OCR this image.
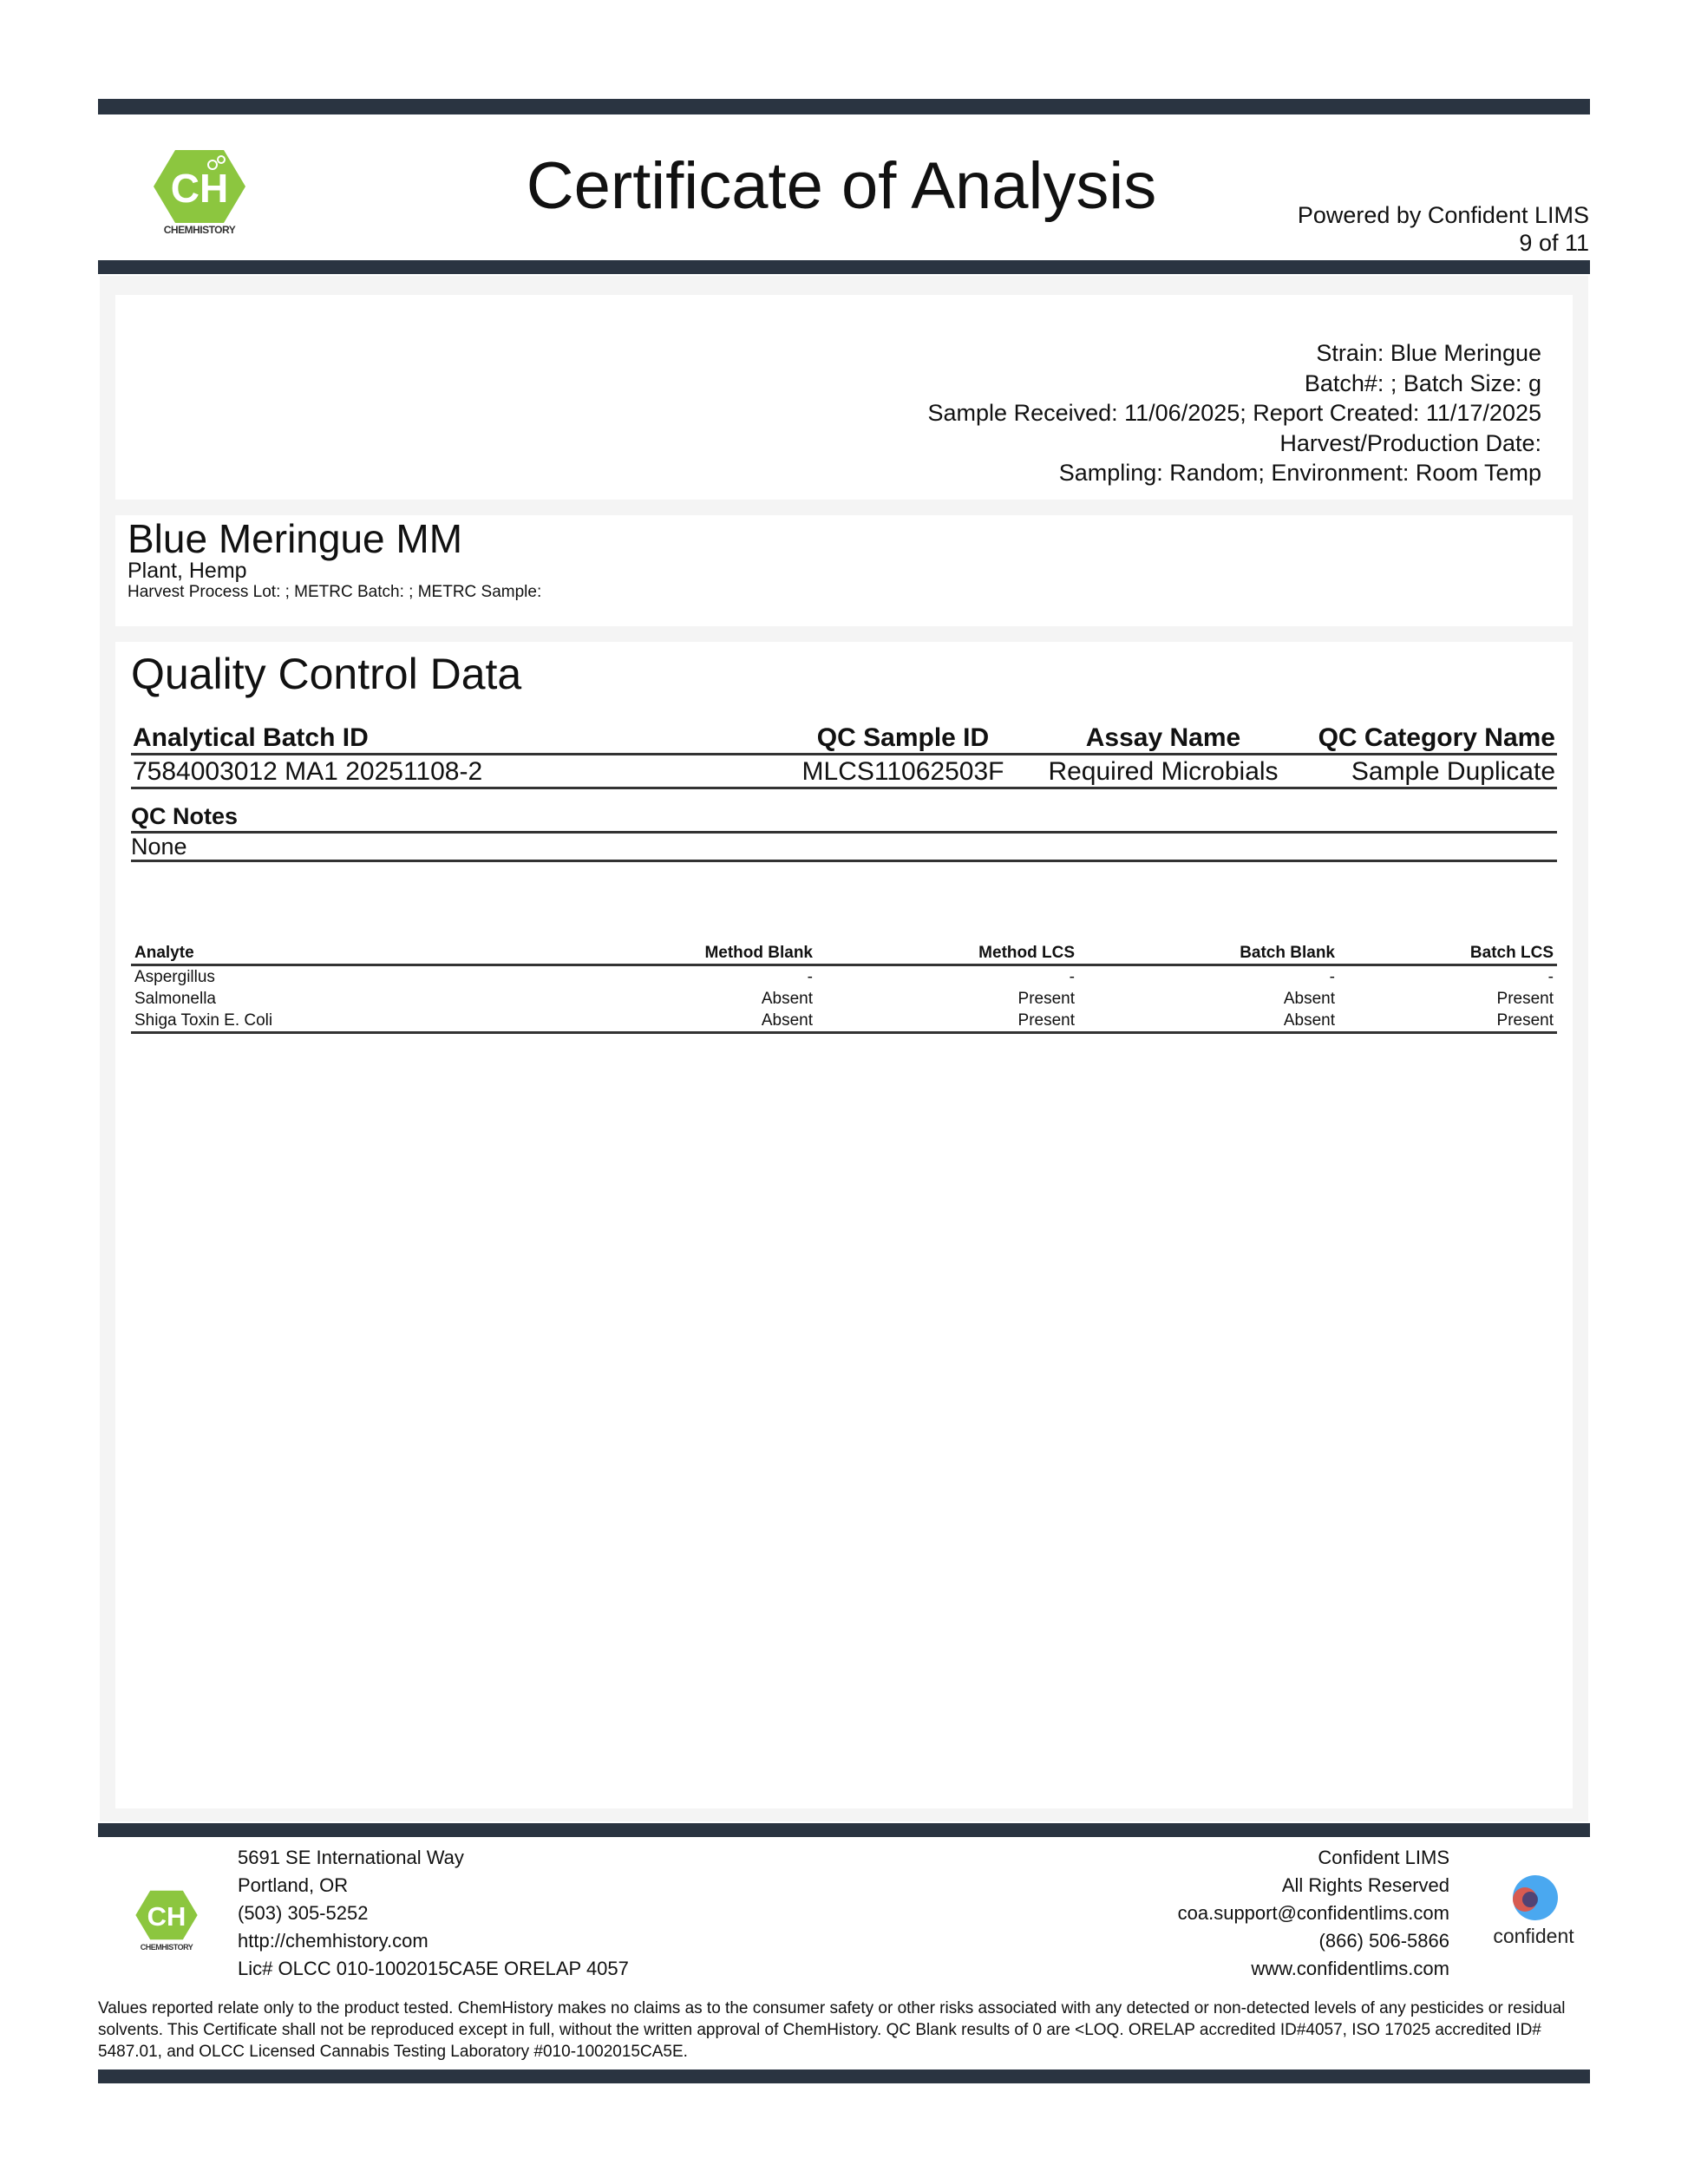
CH
CHEMHISTORY
Certificate of Analysis	Powered by Confident LIMS
9 of 11
Strain: Blue Meringue
Batch#: ; Batch Size: g
Sample Received: 11/06/2025; Report Created: 11/17/2025
Harvest/Production Date:
Sampling: Random; Environment: Room Temp
Blue Meringue MM
Plant, Hemp
Harvest Process Lot: ; METRC Batch: ; METRC Sample:
Quality Control Data
Analytical Batch ID	QC Sample ID	Assay Name	QC Category Name
7584003012 MA1 20251108-2	MLCS11062503F	Required Microbials	Sample Duplicate
QC Notes
None
Analyte	Method Blank	Method LCS	Batch Blank	Batch LCS
Aspergillus	-	-	-	-
Salmonella	Absent	Present	Absent	Present
Shiga Toxin E. Coli	Absent	Present	Absent	Present
CH
CHEMHISTORY
5691 SE International Way
Portland, OR
(503) 305-5252
http://chemhistory.com
Lic# OLCC 010-1002015CA5E ORELAP 4057
Confident LIMS
All Rights Reserved
coa.support@confidentlims.com
(866) 506-5866
www.confidentlims.com
confident
Values reported relate only to the product tested. ChemHistory makes no claims as to the consumer safety or other risks associated with any detected or non-detected levels of any pesticides or residual solvents. This Certificate shall not be reproduced except in full, without the written approval of ChemHistory. QC Blank results of 0 are <LOQ. ORELAP accredited ID#4057, ISO 17025 accredited ID# 5487.01, and OLCC Licensed Cannabis Testing Laboratory #010-1002015CA5E.
